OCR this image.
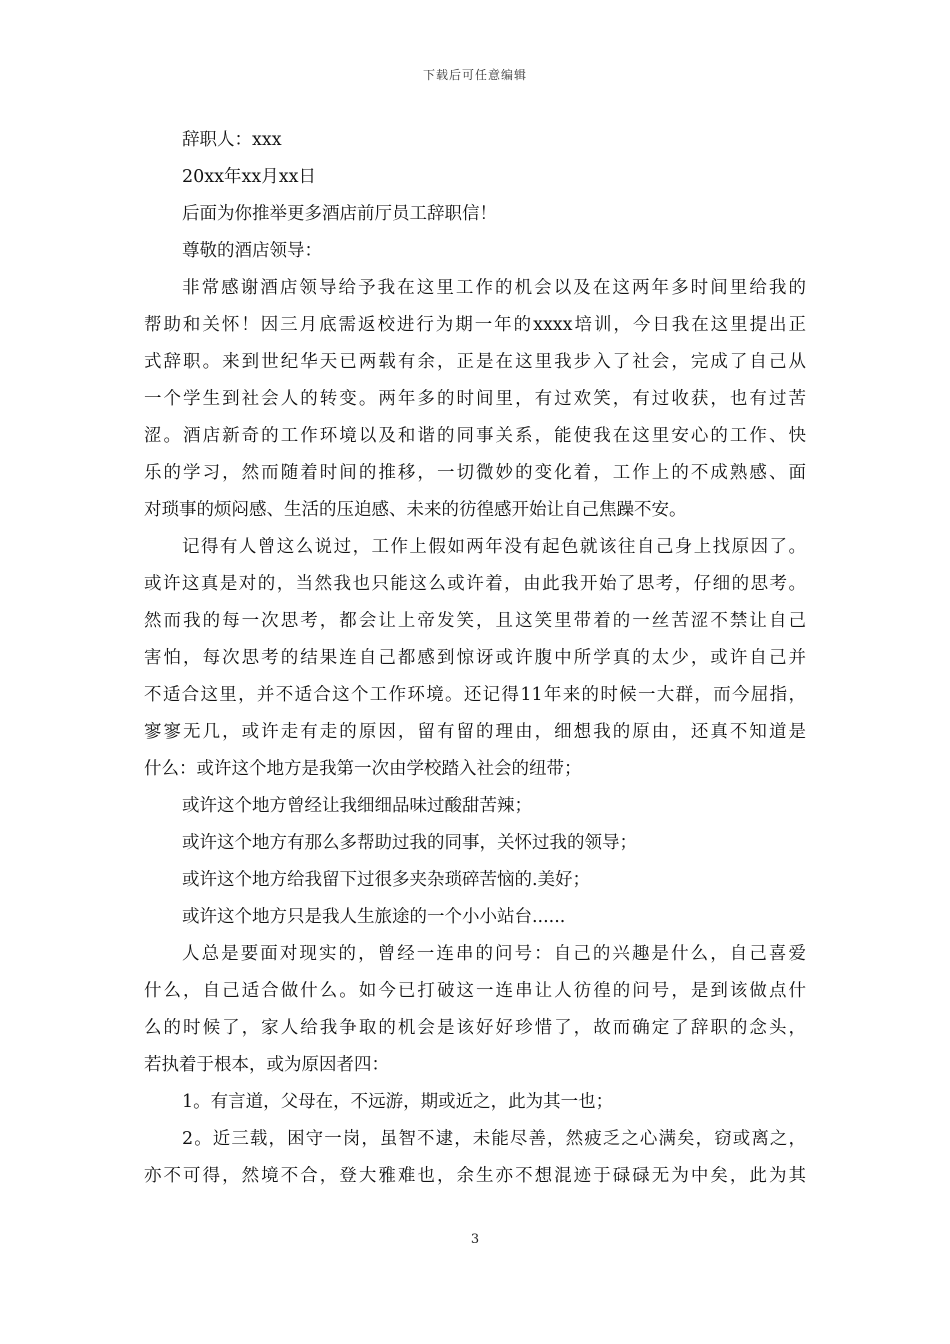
下载后可任意编辑
辞职人：xxx
20xx年xx月xx日
后面为你推举更多酒店前厅员工辞职信！
尊敬的酒店领导：
非常感谢酒店领导给予我在这里工作的机会以及在这两年多时间里给我的
帮助和关怀！因三月底需返校进行为期一年的xxxx培训，今日我在这里提出正
式辞职。来到世纪华天已两载有余，正是在这里我步入了社会，完成了自己从
一个学生到社会人的转变。两年多的时间里，有过欢笑，有过收获，也有过苦
涩。酒店新奇的工作环境以及和谐的同事关系，能使我在这里安心的工作、快
乐的学习，然而随着时间的推移，一切微妙的变化着，工作上的不成熟感、面
对琐事的烦闷感、生活的压迫感、未来的彷徨感开始让自己焦躁不安。
记得有人曾这么说过，工作上假如两年没有起色就该往自己身上找原因了。
或许这真是对的，当然我也只能这么或许着，由此我开始了思考，仔细的思考。
然而我的每一次思考，都会让上帝发笑，且这笑里带着的一丝苦涩不禁让自己
害怕，每次思考的结果连自己都感到惊讶或许腹中所学真的太少，或许自己并
不适合这里，并不适合这个工作环境。还记得11年来的时候一大群，而今屈指，
寥寥无几，或许走有走的原因，留有留的理由，细想我的原由，还真不知道是
什么：或许这个地方是我第一次由学校踏入社会的纽带；
或许这个地方曾经让我细细品味过酸甜苦辣；
或许这个地方有那么多帮助过我的同事，关怀过我的领导；
或许这个地方给我留下过很多夹杂琐碎苦恼的.美好；
或许这个地方只是我人生旅途的一个小小站台......
人总是要面对现实的，曾经一连串的问号：自己的兴趣是什么，自己喜爱
什么，自己适合做什么。如今已打破这一连串让人彷徨的问号，是到该做点什
么的时候了，家人给我争取的机会是该好好珍惜了，故而确定了辞职的念头，
若执着于根本，或为原因者四：
1。有言道，父母在，不远游，期或近之，此为其一也；
2。近三载，困守一岗，虽智不逮，未能尽善，然疲乏之心满矣，窃或离之，
亦不可得，然境不合，登大雅难也，余生亦不想混迹于碌碌无为中矣，此为其
3
